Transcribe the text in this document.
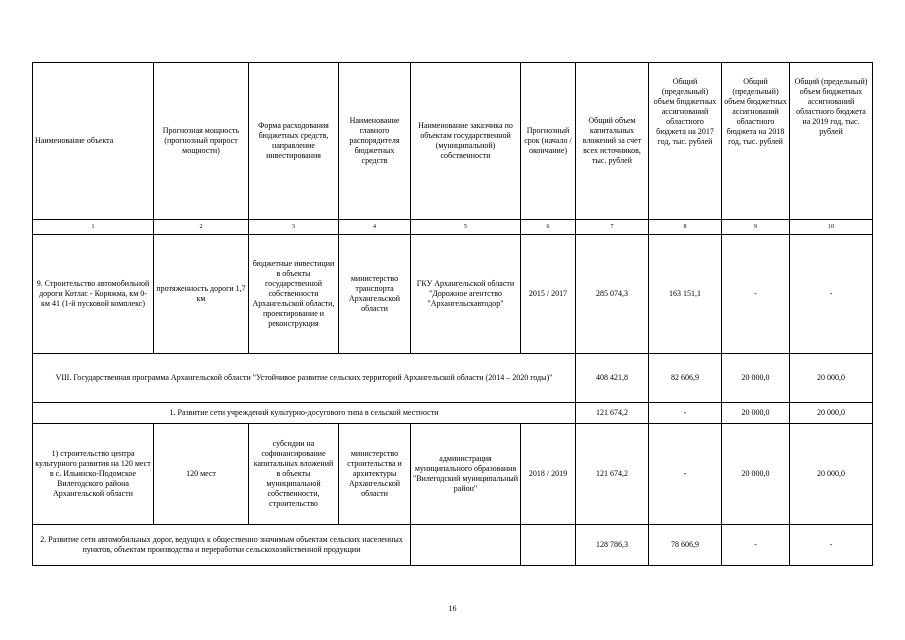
Наименование объекта	Прогнозная мощность (прогнозный прирост мощности)	Форма расходования бюджетных средств, направление инвестирования	Наименование главного распорядителя бюджетных средств	Наименование заказчика по объектам государственной (муниципальной) собственности	Прогнозный срок (начало / окончание)	Общий объем капитальных вложений за счет всех источников, тыс. рублей	Общий (предельный) объем бюджетных ассигнований областного бюджета на 2017 год, тыс. рублей	Общий (предельный) объем бюджетных ассигнований областного бюджета на 2018 год, тыс. рублей	Общий (предельный) объем бюджетных ассигнований областного бюджета на 2019 год, тыс. рублей
1	2	3	4	5	6	7	8	9	10
9. Строительство автомобильной дороги Котлас - Коряжма, км 0-км 41 (1-й пусковой комплекс)	протяженность дороги 1,7 км	бюджетные инвестиции в объекты государственной собственности Архангельской области, проектирование и реконструкция	министерство транспорта Архангельской области	ГКУ Архангельской области "Дорожное агентство "Архангельскавтодор"	2015 / 2017	285 074,3	163 151,1	-	-
VIII. Государственная программа Архангельской области "Устойчивое развитие сельских территорий Архангельской области (2014 – 2020 годы)"						408 421,8	82 606,9	20 000,0	20 000,0
1. Развитие сети учреждений культурно-досугового типа в сельской местности						121 674,2	-	20 000,0	20 000,0
1) строительство центра культурного развития на 120 мест в с. Ильинско-Подомское Вилегодского района Архангельской области	120 мест	субсидии на софинансирование капитальных вложений в объекты муниципальной собственности, строительство	министерство строительства и архитектуры Архангельской области	администрация муниципального образования "Вилегодский муниципальный район"	2018 / 2019	121 674,2	-	20 000,0	20 000,0
2. Развитие сети автомобильных дорог, ведущих к общественно значимым объектам сельских населенных пунктов, объектам производства и переработки сельскохозяйственной продукции						128 786,3	78 606,9	-	-
16
